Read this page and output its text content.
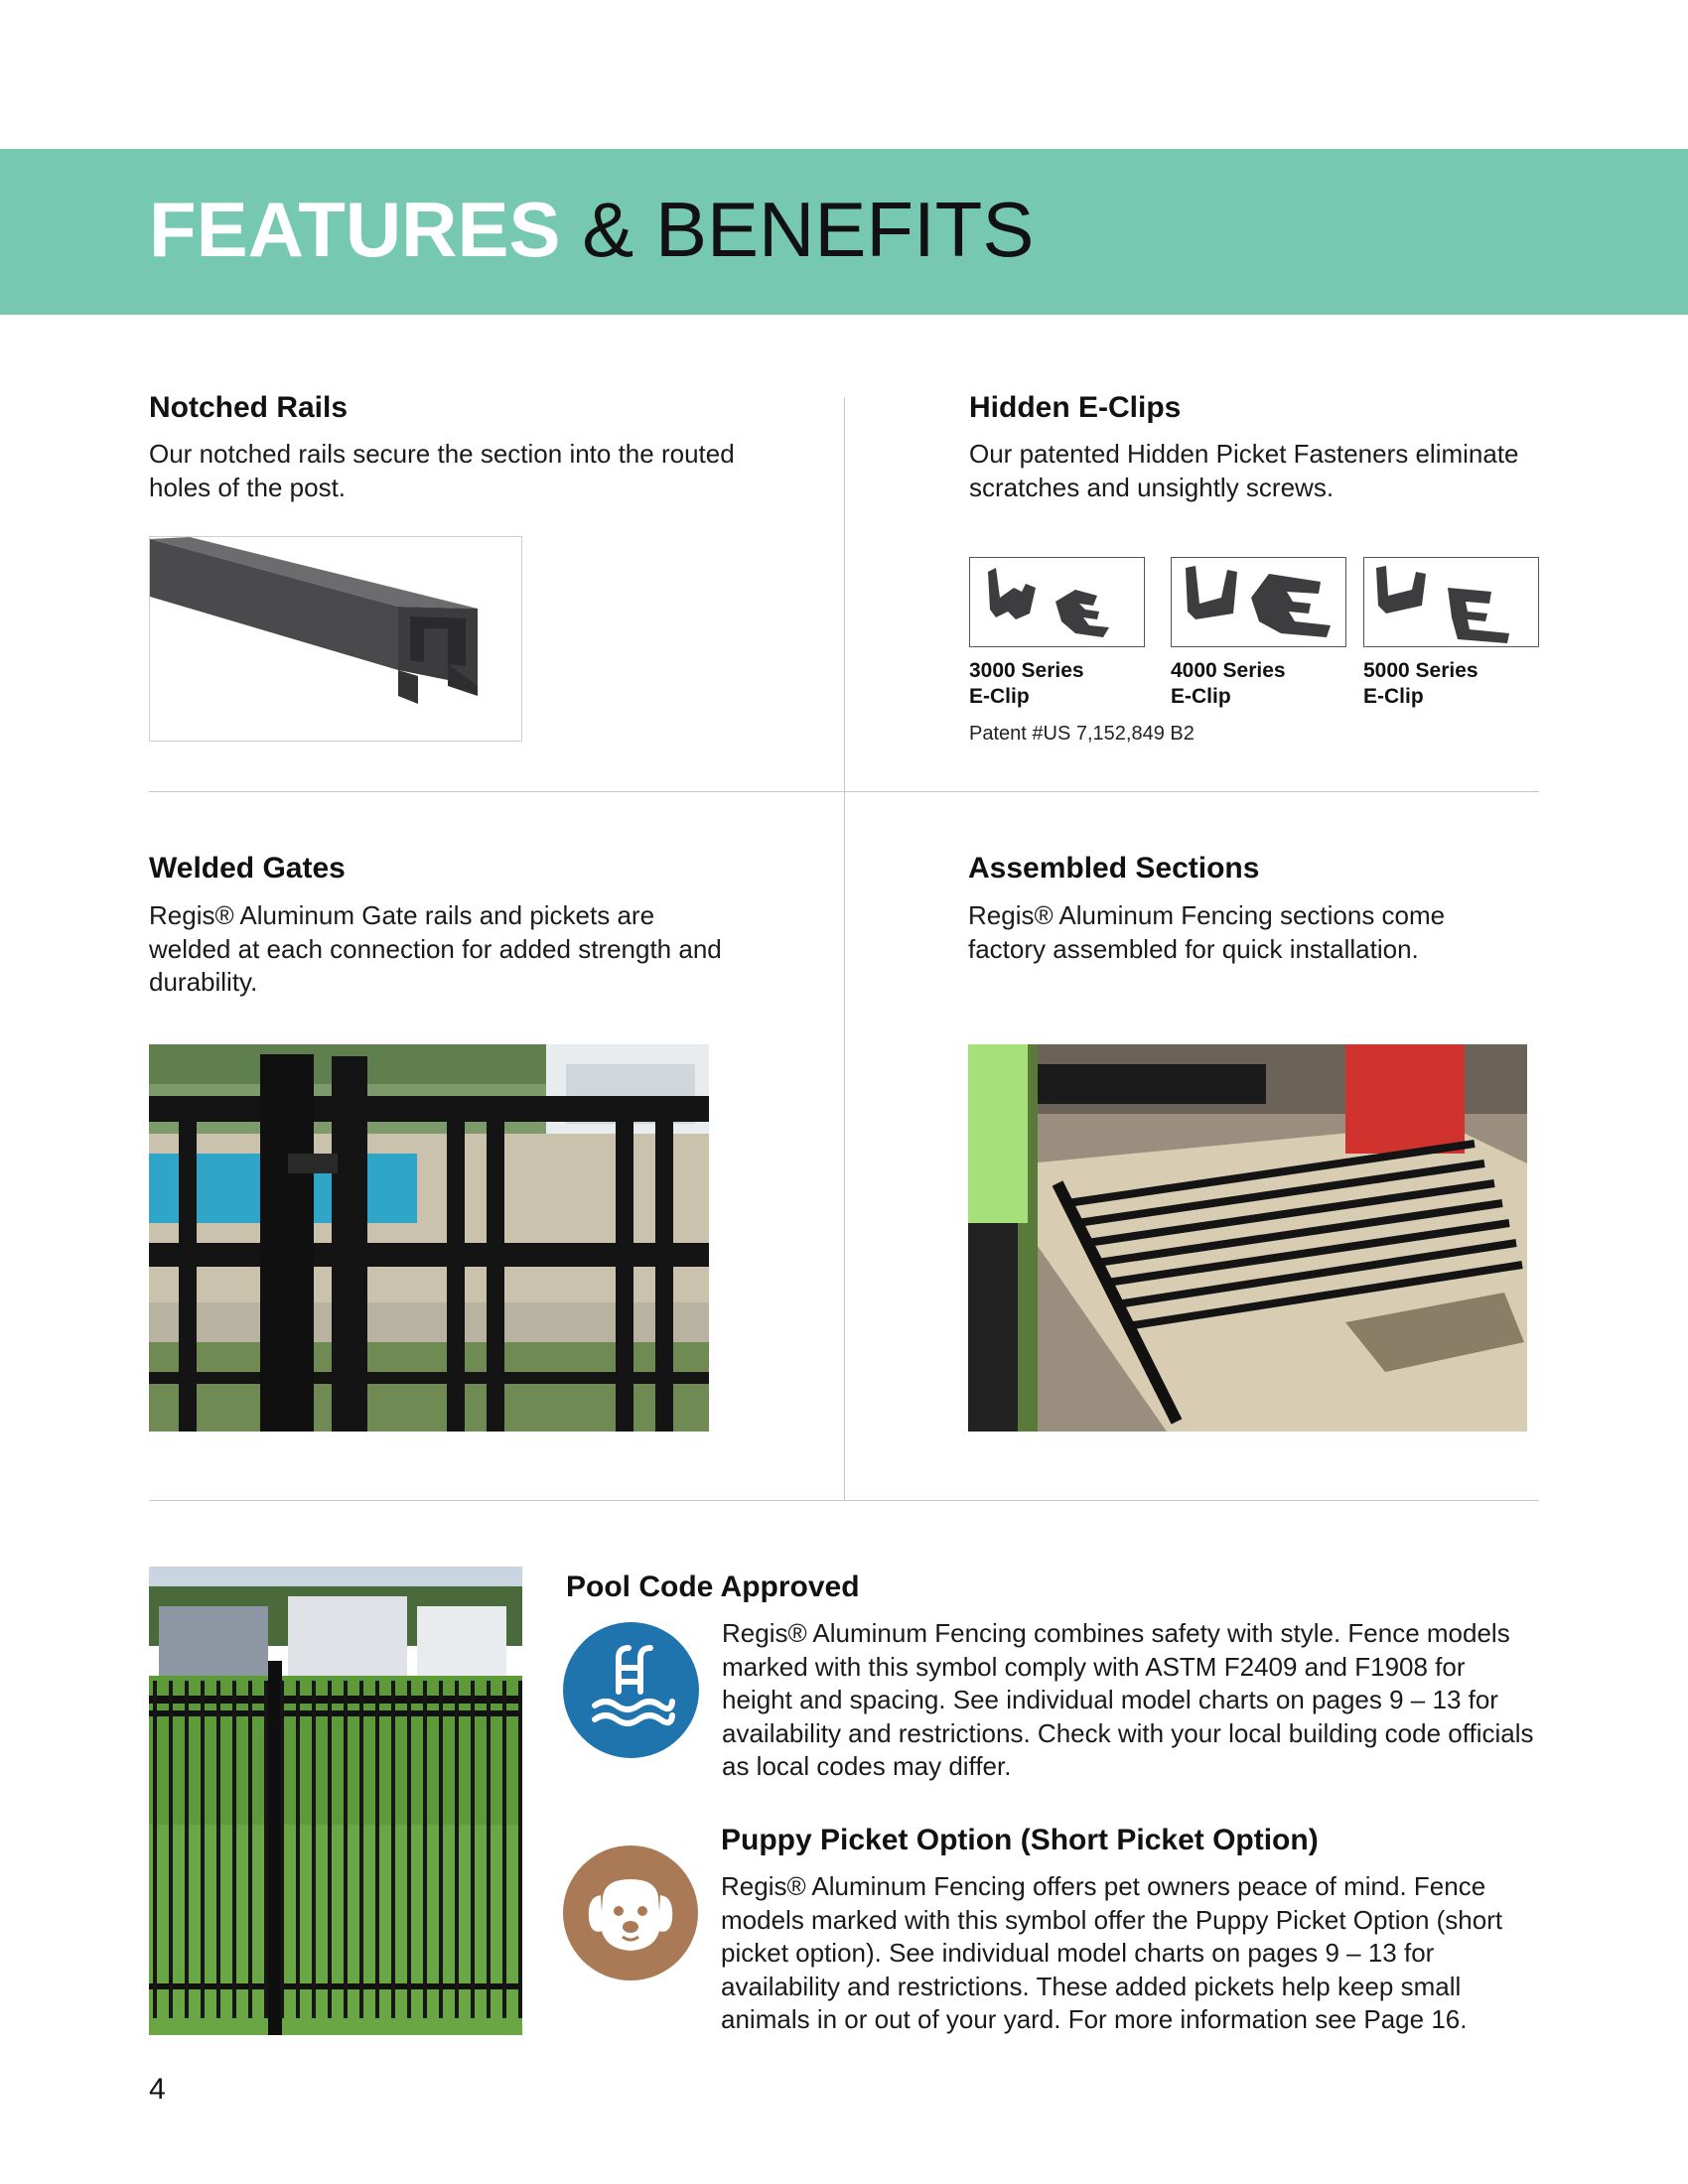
FEATURES & BENEFITS
Notched Rails

Our notched rails secure the section into the routed holes of the post.

Hidden E-Clips

Our patented Hidden Picket Fasteners eliminate scratches and unsightly screws.

3000 Series
E-Clip
4000 Series
E-Clip
5000 Series
E-Clip
Patent #US 7,152,849 B2
Welded Gates

Regis® Aluminum Gate rails and pickets are welded at each connection for added strength and durability.

Assembled Sections

Regis® Aluminum Fencing sections come factory assembled for quick installation.

Pool Code Approved

Regis® Aluminum Fencing combines safety with style. Fence models marked with this symbol comply with ASTM F2409 and F1908 for height and spacing. See individual model charts on pages 9 – 13 for availability and restrictions. Check with your local building code officials as local codes may differ.

Puppy Picket Option (Short Picket Option)

Regis® Aluminum Fencing offers pet owners peace of mind. Fence models marked with this symbol offer the Puppy Picket Option (short picket option). See individual model charts on pages 9 – 13 for availability and restrictions. These added pickets help keep small animals in or out of your yard. For more information see Page 16.

4
